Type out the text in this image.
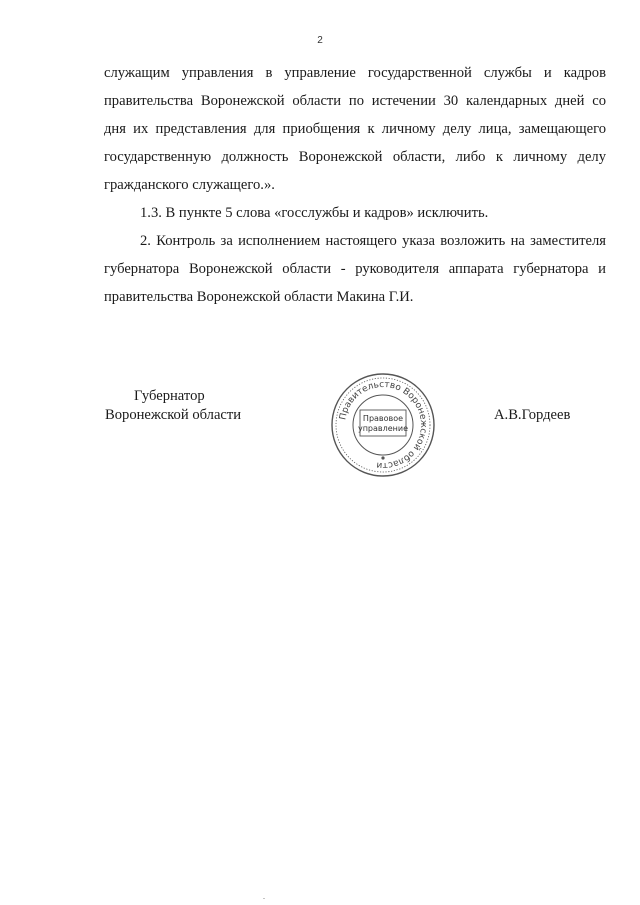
2
служащим управления в управление государственной службы и кадров
правительства Воронежской области по истечении 30 календарных дней со
дня их представления для приобщения к личному делу лица, замещающего
государственную должность Воронежской области, либо к личному делу
гражданского служащего.».
1.3. В пункте 5 слова «госслужбы и кадров» исключить.
2. Контроль за исполнением настоящего указа возложить на заместителя
губернатора Воронежской области - руководителя аппарата губернатора и
правительства Воронежской области Макина Г.И.
Губернатор
Воронежской области	Правительство Воронежской области
Правовое
управление
А.В.Гордеев
.
